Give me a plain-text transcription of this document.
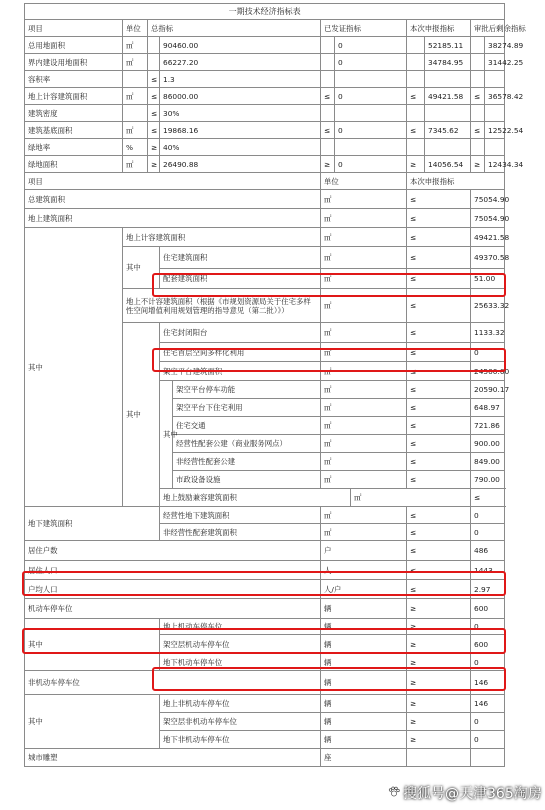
一期技术经济指标表												
项目	单位	总指标			已发证指标			本次申报指标		审批后剩余指标		
总用地面积	㎡		90460.00			0			52185.11		38274.89	
界内建设用地面积	㎡		66227.20			0			34784.95		31442.25	
容积率		≤	1.3									
地上计容建筑面积	㎡	≤	86000.00		≤	0		≤	49421.58	≤	36578.42	
建筑密度		≤	30%									
建筑基底面积	㎡	≤	19868.16		≤	0		≤	7345.62	≤	12522.54	
绿地率	%	≥	40%									
绿地面积	㎡	≥	26490.88		≥	0		≥	14056.54	≥	12434.34	
项目					单位			本次申报指标				
总建筑面积					㎡			≤		75054.90		
地上建筑面积					㎡			≤		75054.90		
其中	地上计容建筑面积				㎡			≤		49421.58		
	其中		住宅建筑面积		㎡			≤		49370.58		
			配套建筑面积		㎡			≤		51.00		
	地上不计容建筑面积（根据《市规划资源局关于住宅多样性空间增值利用规划管理的指导意见（第二批）》）				㎡			≤		25633.32		
	其中		住宅封闭阳台		㎡			≤		1133.32		
			住宅首层空间多样化利用		㎡			≤		0		
			架空平台建筑面积		㎡			≤		24500.00		
			其中	架空平台停车功能	㎡			≤		20590.17		
				架空平台下住宅利用	㎡			≤		648.97		
				住宅交通	㎡			≤		721.86		
				经营性配套公建（商业服务网点）	㎡			≤		900.00		
				非经营性配套公建	㎡			≤		849.00		
				市政设备设施	㎡			≤		790.00		
			地上鼓励兼容建筑面积				㎡			≤	
地下建筑面积			经营性地下建筑面积		㎡			≤		0		
			非经营性配套建筑面积		㎡			≤		0		
居住户数					户			≤		486		
居住人口					人			≤		1443		
户均人口					人/户			≤		2.97		
机动车停车位					辆			≥		600		
其中			地上机动车停车位		辆			≥		0		
			架空层机动车停车位		辆			≥		600		
			地下机动车停车位		辆			≥		0		
非机动车停车位					辆			≥		146		
其中			地上非机动车停车位		辆			≥		146		
			架空层非机动车停车位		辆			≥		0		
			地下非机动车停车位		辆			≥		0		
城市雕塑					座							
搜狐号@天津365淘房
